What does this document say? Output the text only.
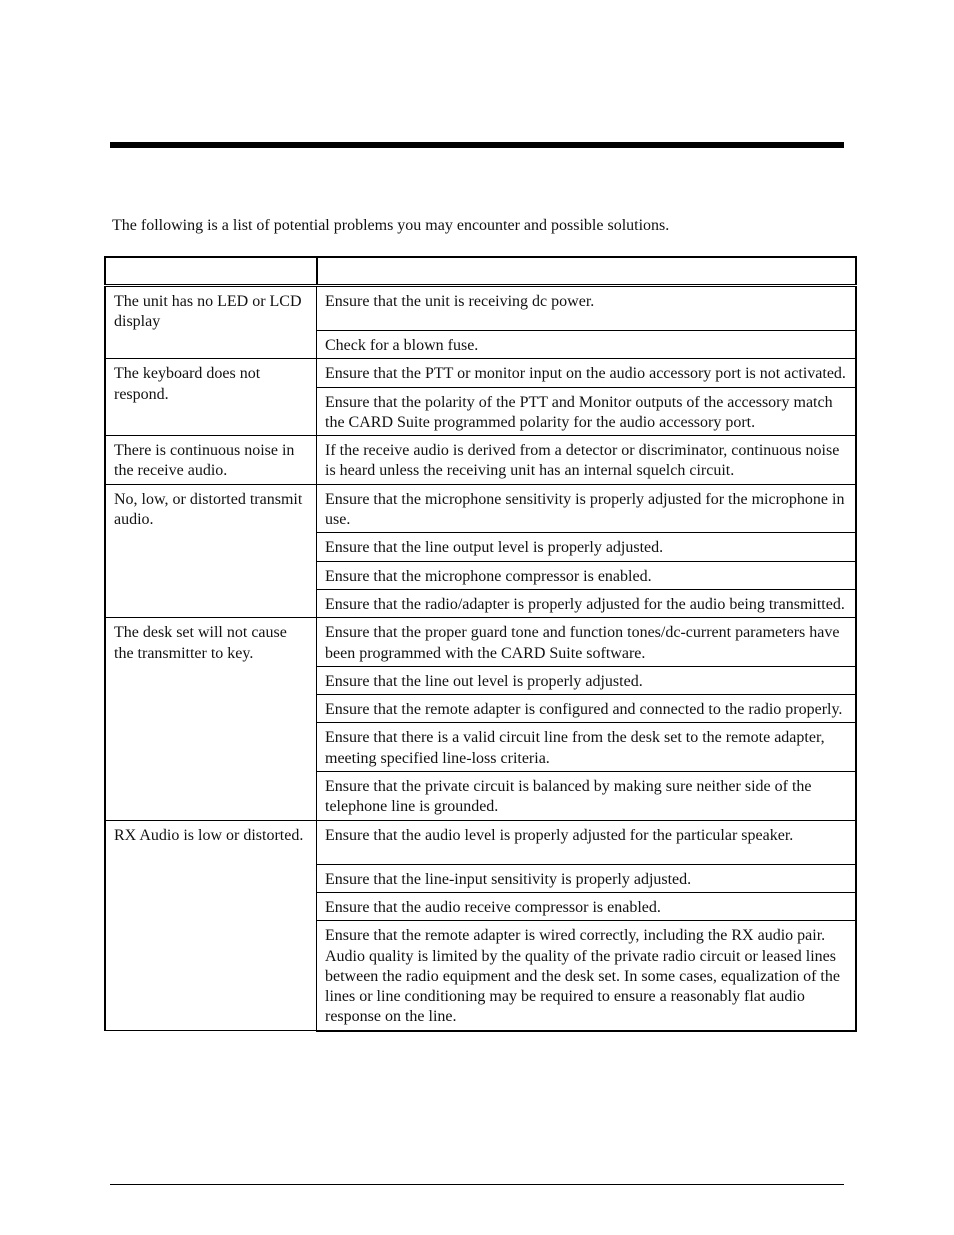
The following is a list of potential problems you may encounter and possible solutions.

The unit has no LED or LCD display	Ensure that the unit is receiving dc power.
	Check for a blown fuse.
The keyboard does not respond.	Ensure that the PTT or monitor input on the audio accessory port is not activated.
	Ensure that the polarity of the PTT and Monitor outputs of the accessory match the CARD Suite programmed polarity for the audio accessory port.
There is continuous noise in the receive audio.	If the receive audio is derived from a detector or discriminator, continuous noise is heard unless the receiving unit has an internal squelch circuit.
No, low, or distorted transmit audio.	Ensure that the microphone sensitivity is properly adjusted for the microphone in use.
	Ensure that the line output level is properly adjusted.
	Ensure that the microphone compressor is enabled.
	Ensure that the radio/adapter is properly adjusted for the audio being transmitted.
The desk set will not cause the transmitter to key.	Ensure that the proper guard tone and function tones/dc-current parameters have been programmed with the CARD Suite software.
	Ensure that the line out level is properly adjusted.
	Ensure that the remote adapter is configured and connected to the radio properly.
	Ensure that there is a valid circuit line from the desk set to the remote adapter, meeting specified line-loss criteria.
	Ensure that the private circuit is balanced by making sure neither side of the telephone line is grounded.
RX Audio is low or distorted.	Ensure that the audio level is properly adjusted for the particular speaker.
	Ensure that the line-input sensitivity is properly adjusted.
	Ensure that the audio receive compressor is enabled.
	Ensure that the remote adapter is wired correctly, including the RX audio pair. Audio quality is limited by the quality of the private radio circuit or leased lines between the radio equipment and the desk set. In some cases, equalization of the lines or line conditioning may be required to ensure a reasonably flat audio response on the line.
